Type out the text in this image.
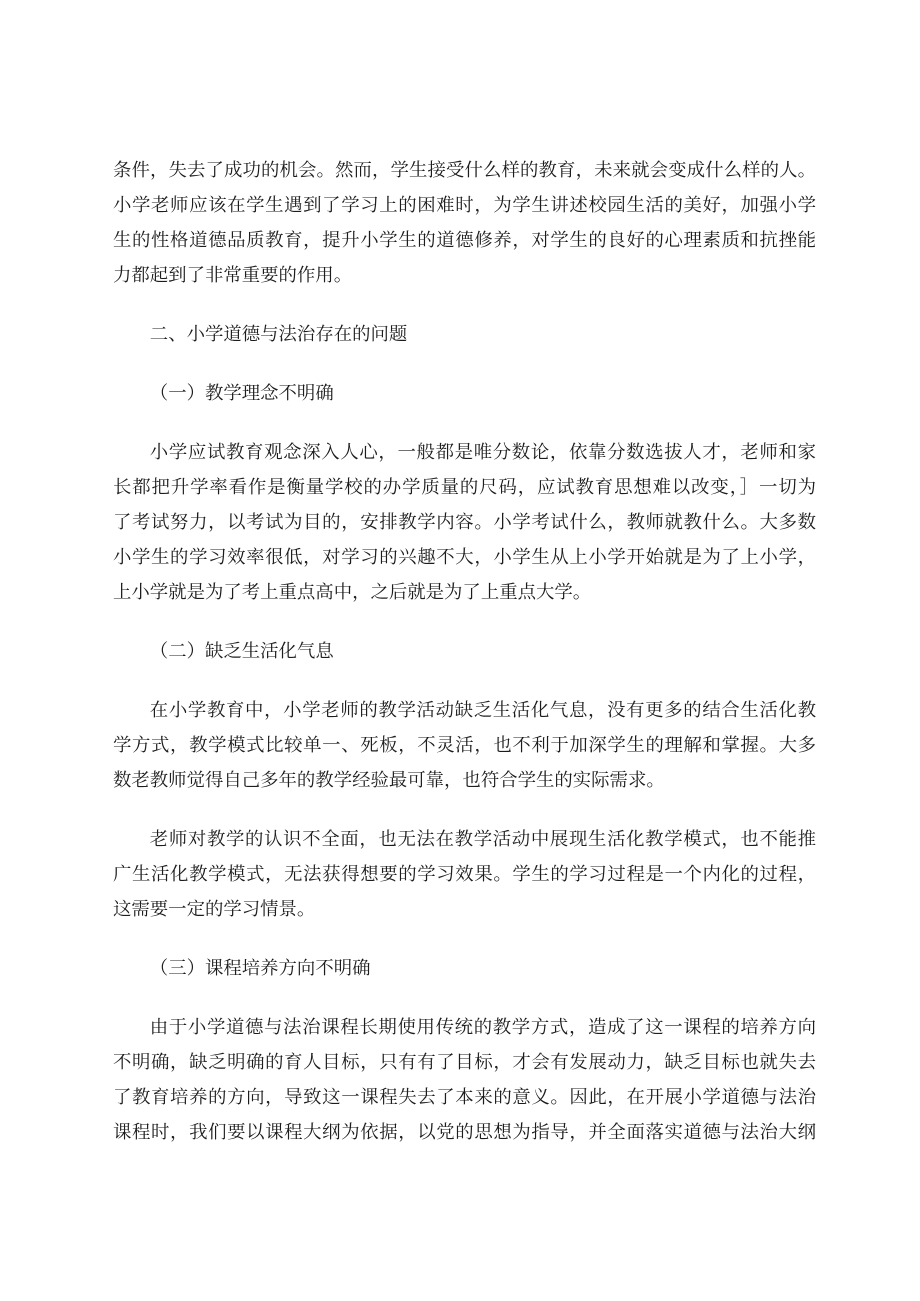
条件，失去了成功的机会。然而，学生接受什么样的教育，未来就会变成什么样的人。
小学老师应该在学生遇到了学习上的困难时，为学生讲述校园生活的美好，加强小学
生的性格道德品质教育，提升小学生的道德修养，对学生的良好的心理素质和抗挫能
力都起到了非常重要的作用。
二、小学道德与法治存在的问题
（一）教学理念不明确
小学应试教育观念深入人心，一般都是唯分数论，依靠分数选拔人才，老师和家
长都把升学率看作是衡量学校的办学质量的尺码，应试教育思想难以改变，］一切为
了考试努力，以考试为目的，安排教学内容。小学考试什么，教师就教什么。大多数
小学生的学习效率很低，对学习的兴趣不大，小学生从上小学开始就是为了上小学，
上小学就是为了考上重点高中，之后就是为了上重点大学。
（二）缺乏生活化气息
在小学教育中，小学老师的教学活动缺乏生活化气息，没有更多的结合生活化教
学方式，教学模式比较单一、死板，不灵活，也不利于加深学生的理解和掌握。大多
数老教师觉得自己多年的教学经验最可靠，也符合学生的实际需求。
老师对教学的认识不全面，也无法在教学活动中展现生活化教学模式，也不能推
广生活化教学模式，无法获得想要的学习效果。学生的学习过程是一个内化的过程，
这需要一定的学习情景。
（三）课程培养方向不明确
由于小学道德与法治课程长期使用传统的教学方式，造成了这一课程的培养方向
不明确，缺乏明确的育人目标，只有有了目标，才会有发展动力，缺乏目标也就失去
了教育培养的方向，导致这一课程失去了本来的意义。因此，在开展小学道德与法治
课程时，我们要以课程大纲为依据，以党的思想为指导，并全面落实道德与法治大纲
